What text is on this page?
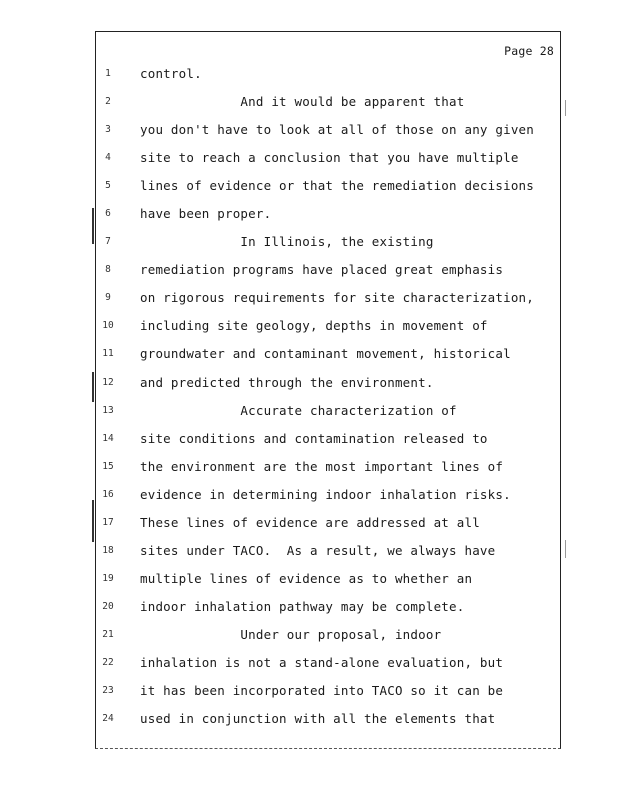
Page 28
1	control.
2	And it would be apparent that
3	you don't have to look at all of those on any given
4	site to reach a conclusion that you have multiple
5	lines of evidence or that the remediation decisions
6	have been proper.
7	In Illinois, the existing
8	remediation programs have placed great emphasis
9	on rigorous requirements for site characterization,
10	including site geology, depths in movement of
11	groundwater and contaminant movement, historical
12	and predicted through the environment.
13	Accurate characterization of
14	site conditions and contamination released to
15	the environment are the most important lines of
16	evidence in determining indoor inhalation risks.
17	These lines of evidence are addressed at all
18	sites under TACO.  As a result, we always have
19	multiple lines of evidence as to whether an
20	indoor inhalation pathway may be complete.
21	Under our proposal, indoor
22	inhalation is not a stand-alone evaluation, but
23	it has been incorporated into TACO so it can be
24	used in conjunction with all the elements that
